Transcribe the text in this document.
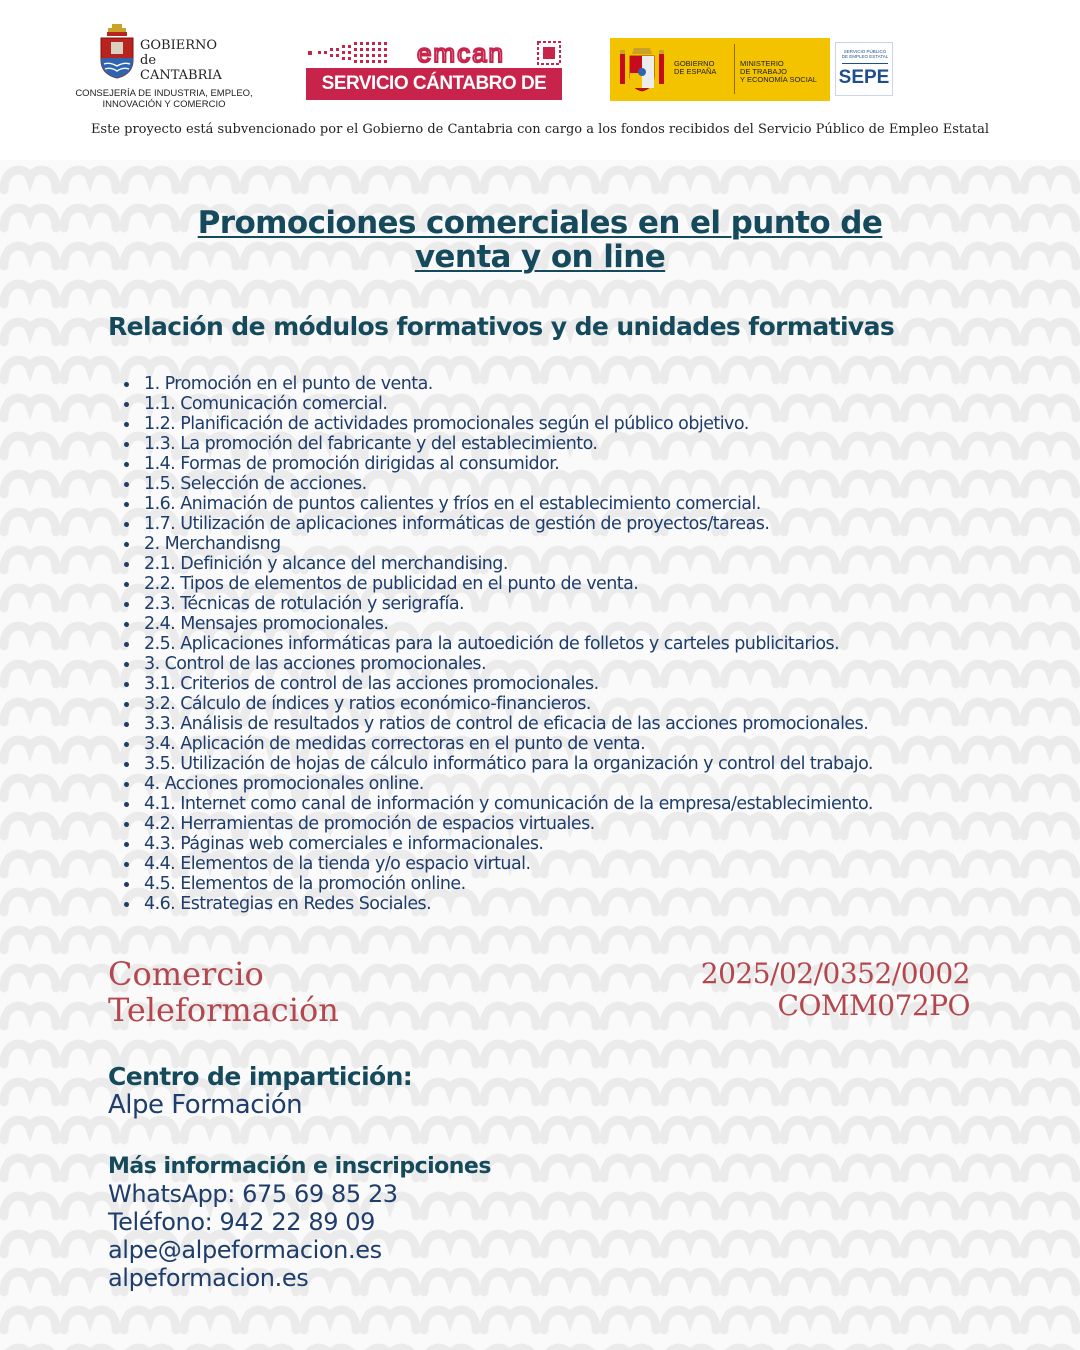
GOBIERNO
de
CANTABRIA
CONSEJERÍA DE INDUSTRIA, EMPLEO,
INNOVACIÓN Y COMERCIO
emcan
SERVICIO CÁNTABRO DE EMPLEO
GOBIERNO
DE ESPAÑA
MINISTERIO
DE TRABAJO
Y ECONOMÍA SOCIAL
SERVICIO PÚBLICO
DE EMPLEO ESTATAL
SEPE
Este proyecto está subvencionado por el Gobierno de Cantabria con cargo a los fondos recibidos del Servicio Público de Empleo Estatal
Promociones comerciales en el punto de
venta y on line
Relación de módulos formativos y de unidades formativas
1. Promoción en el punto de venta.
1.1. Comunicación comercial.
1.2. Planificación de actividades promocionales según el público objetivo.
1.3. La promoción del fabricante y del establecimiento.
1.4. Formas de promoción dirigidas al consumidor.
1.5. Selección de acciones.
1.6. Animación de puntos calientes y fríos en el establecimiento comercial.
1.7. Utilización de aplicaciones informáticas de gestión de proyectos/tareas.
2. Merchandisng
2.1. Definición y alcance del merchandising.
2.2. Tipos de elementos de publicidad en el punto de venta.
2.3. Técnicas de rotulación y serigrafía.
2.4. Mensajes promocionales.
2.5. Aplicaciones informáticas para la autoedición de folletos y carteles publicitarios.
3. Control de las acciones promocionales.
3.1. Criterios de control de las acciones promocionales.
3.2. Cálculo de índices y ratios económico-financieros.
3.3. Análisis de resultados y ratios de control de eficacia de las acciones promocionales.
3.4. Aplicación de medidas correctoras en el punto de venta.
3.5. Utilización de hojas de cálculo informático para la organización y control del trabajo.
4. Acciones promocionales online.
4.1. Internet como canal de información y comunicación de la empresa/establecimiento.
4.2. Herramientas de promoción de espacios virtuales.
4.3. Páginas web comerciales e informacionales.
4.4. Elementos de la tienda y/o espacio virtual.
4.5. Elementos de la promoción online.
4.6. Estrategias en Redes Sociales.
Comercio
Teleformación
2025/02/0352/0002
COMM072PO
Centro de impartición:
Alpe Formación
Más información e inscripciones
WhatsApp: 675 69 85 23
Teléfono: 942 22 89 09
alpe@alpeformacion.es
alpeformacion.es
